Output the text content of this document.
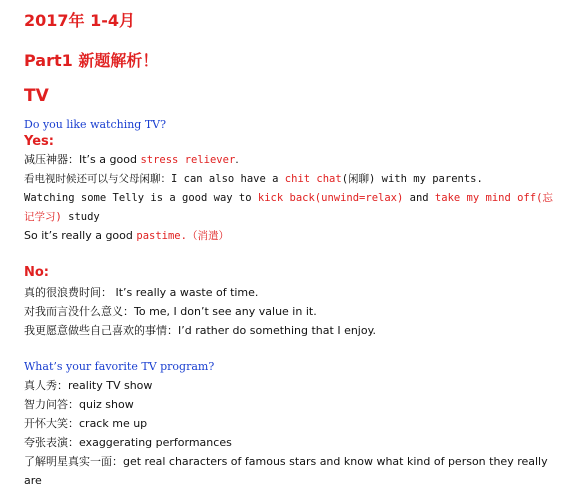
2017年 1-4月
Part1 新题解析！
TV
Do you like watching TV?
Yes:
减压神器：It’s a good stress reliever.
看电视时候还可以与父母闲聊：I can also have a chit chat(闲聊) with my parents.
Watching some Telly is a good way to kick back(unwind=relax) and take my mind off(忘
记学习) study
So it’s really a good pastime.（消遣）
No:
真的很浪费时间： It’s really a waste of time.
对我而言没什么意义：To me, I don’t see any value in it.
我更愿意做些自己喜欢的事情：I’d rather do something that I enjoy.
What’s your favorite TV program?
真人秀：reality TV show
智力问答：quiz show
开怀大笑：crack me up
夸张表演：exaggerating performances
了解明星真实一面：get real characters of famous stars and know what kind of person they really
are
